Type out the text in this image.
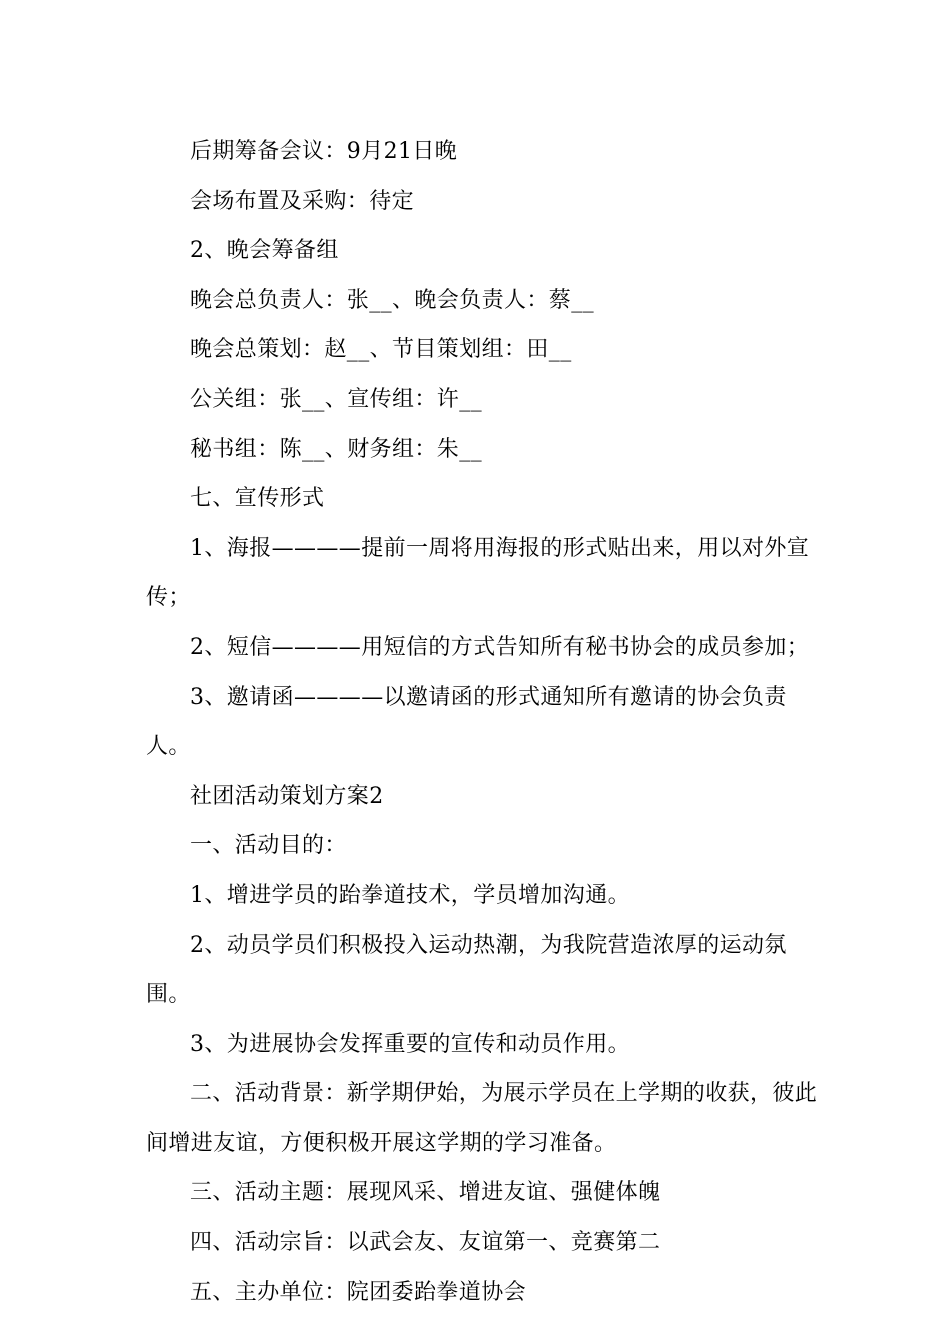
后期筹备会议：9月21日晚

会场布置及采购：待定

2、晚会筹备组

晚会总负责人：张__、晚会负责人：蔡__

晚会总策划：赵__、节目策划组：田__

公关组：张__、宣传组：许__

秘书组：陈__、财务组：朱__

七、宣传形式

1、海报————提前一周将用海报的形式贴出来，用以对外宣传；

2、短信————用短信的方式告知所有秘书协会的成员参加；

3、邀请函————以邀请函的形式通知所有邀请的协会负责人。

社团活动策划方案2

一、活动目的：

1、增进学员的跆拳道技术，学员增加沟通。

2、动员学员们积极投入运动热潮，为我院营造浓厚的运动氛围。

3、为进展协会发挥重要的宣传和动员作用。

二、活动背景：新学期伊始，为展示学员在上学期的收获，彼此间增进友谊，方便积极开展这学期的学习准备。

三、活动主题：展现风采、增进友谊、强健体魄

四、活动宗旨：以武会友、友谊第一、竞赛第二

五、主办单位：院团委跆拳道协会
